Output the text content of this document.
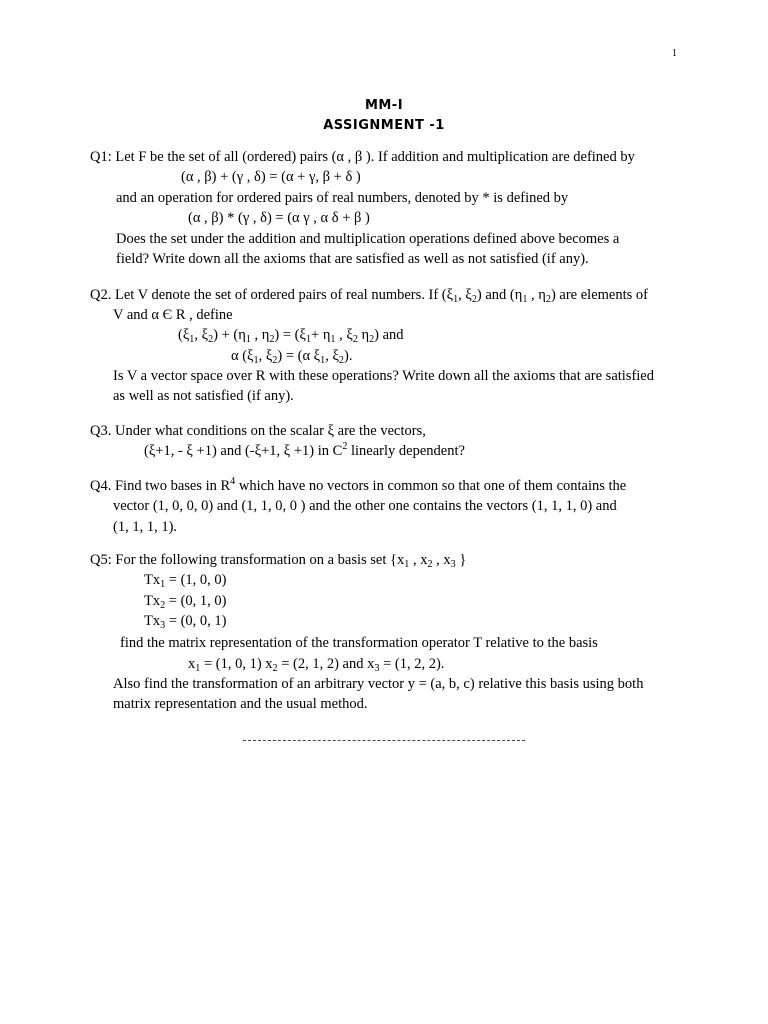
1
MM-I
ASSIGNMENT -1
Q1: Let F be the set of all (ordered) pairs (α , β ). If addition and multiplication are defined by
(α , β) + (γ , δ) = (α + γ, β + δ )
and an operation for ordered pairs of real numbers, denoted by * is defined by
(α , β) * (γ , δ) = (α γ , α δ + β )
Does the set under the addition and multiplication operations defined above becomes a
field? Write down all the axioms that are satisfied as well as not satisfied (if any).
Q2. Let V denote the set of ordered pairs of real numbers. If ($\xi_1$, $\xi_2$) and ($\eta_1$ , $\eta_2$) are elements of
V and α Є R , define
($\xi_1$, $\xi_2) + (\eta_1$ , $\eta_2) = (\xi_1+ \eta_1$ , $\xi_2$ $\eta_2$) and
α ($\xi_1$, $\xi_2) = (\alpha$ $\xi_1$, $\xi_2$).
Is V a vector space over R with these operations? Write down all the axioms that are satisfied
as well as not satisfied (if any).
Q3. Under what conditions on the scalar ξ are the vectors,
(ξ+1, - ξ +1) and (-ξ+1, ξ +1) in $C^2$ linearly dependent?
Q4. Find two bases in $R^4$ which have no vectors in common so that one of them contains the
vector (1, 0, 0, 0) and (1, 1, 0, 0 ) and the other one contains the vectors (1, 1, 1, 0) and
(1, 1, 1, 1).
Q5: For the following transformation on a basis set {$x_1$ , $x_2$ , $x_3$ }
$Tx_1 = (1$, 0, 0)
$Tx_2 = (0$, 1, 0)
$Tx_3 = (0$, 0, 1)
find the matrix representation of the transformation operator T relative to the basis
$x_1 = (1$, 0, 1) $x_2 = (2$, 1, 2) and $x_3 = (1$, 2, 2).
Also find the transformation of an arbitrary vector y = (a, b, c) relative this basis using both
matrix representation and the usual method.
